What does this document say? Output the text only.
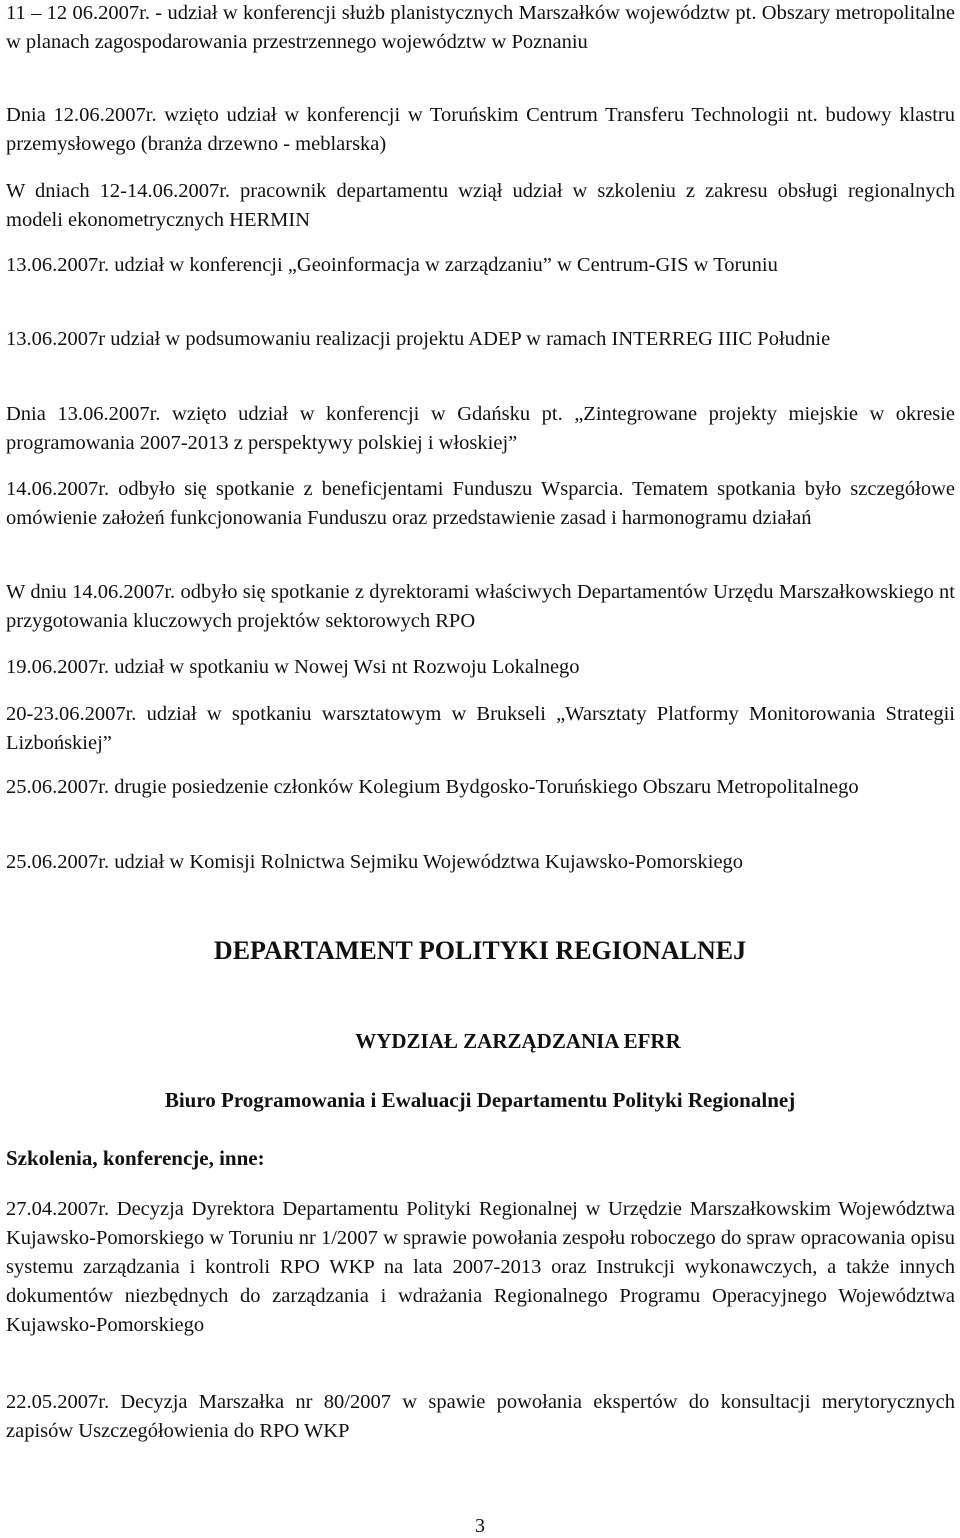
11 – 12 06.2007r. - udział w konferencji służb planistycznych Marszałków województw pt. Obszary metropolitalne w planach zagospodarowania przestrzennego województw w Poznaniu

Dnia 12.06.2007r. wzięto udział w konferencji w Toruńskim Centrum Transferu Technologii nt. budowy klastru przemysłowego (branża drzewno - meblarska)

W dniach 12-14.06.2007r. pracownik departamentu wziął udział w szkoleniu z zakresu obsługi regionalnych modeli ekonometrycznych HERMIN

13.06.2007r. udział w konferencji „Geoinformacja w zarządzaniu” w Centrum-GIS w Toruniu

13.06.2007r udział w podsumowaniu realizacji projektu ADEP w ramach INTERREG IIIC Południe

Dnia 13.06.2007r. wzięto udział w konferencji w Gdańsku pt. „Zintegrowane projekty miejskie w okresie programowania 2007-2013 z perspektywy polskiej i włoskiej”

14.06.2007r. odbyło się spotkanie z beneficjentami Funduszu Wsparcia. Tematem spotkania było szczegółowe omówienie założeń funkcjonowania Funduszu oraz przedstawienie zasad i harmonogramu działań

W dniu 14.06.2007r. odbyło się spotkanie z dyrektorami właściwych Departamentów Urzędu Marszałkowskiego nt przygotowania kluczowych projektów sektorowych RPO

19.06.2007r. udział w spotkaniu w Nowej Wsi nt Rozwoju Lokalnego

20-23.06.2007r. udział w spotkaniu warsztatowym w Brukseli „Warsztaty Platformy Monitorowania Strategii Lizbońskiej”

25.06.2007r. drugie posiedzenie członków Kolegium Bydgosko-Toruńskiego Obszaru Metropolitalnego

25.06.2007r. udział w Komisji Rolnictwa Sejmiku Województwa Kujawsko-Pomorskiego

DEPARTAMENT POLITYKI REGIONALNEJ
WYDZIAŁ ZARZĄDZANIA EFRR
Biuro Programowania i Ewaluacji Departamentu Polityki Regionalnej
Szkolenia, konferencje, inne:

27.04.2007r. Decyzja Dyrektora Departamentu Polityki Regionalnej w Urzędzie Marszałkowskim Województwa Kujawsko-Pomorskiego w Toruniu nr 1/2007 w sprawie powołania zespołu roboczego do spraw opracowania opisu systemu zarządzania i kontroli RPO WKP na lata 2007-2013 oraz Instrukcji wykonawczych, a także innych dokumentów niezbędnych do zarządzania i wdrażania Regionalnego Programu Operacyjnego Województwa Kujawsko-Pomorskiego

22.05.2007r. Decyzja Marszałka nr 80/2007 w spawie powołania ekspertów do konsultacji merytorycznych zapisów Uszczegółowienia do RPO WKP

3
